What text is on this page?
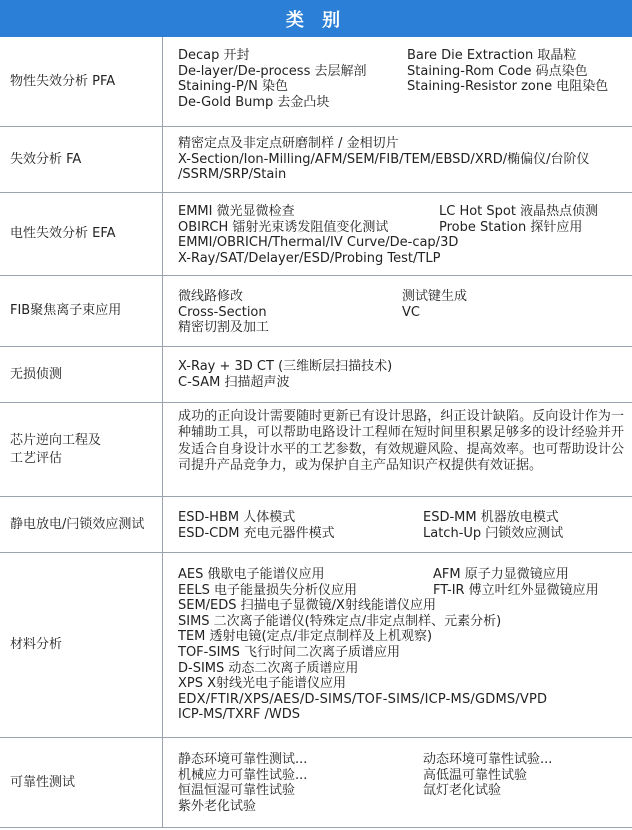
类 别
物性失效分析 PFA
Decap 开封
De-layer/De-process 去层解剖
Staining-P/N 染色
De-Gold Bump 去金凸块
Bare Die Extraction 取晶粒
Staining-Rom Code 码点染色
Staining-Resistor zone 电阻染色
失效分析 FA
精密定点及非定点研磨制样 / 金相切片
X-Section/Ion-Milling/AFM/SEM/FIB/TEM/EBSD/XRD/椭偏仪/台阶仪
/SSRM/SRP/Stain
电性失效分析 EFA
EMMI 微光显微检查
OBIRCH 镭射光束诱发阻值变化测试
EMMI/OBRICH/Thermal/IV Curve/De-cap/3D
X-Ray/SAT/Delayer/ESD/Probing Test/TLP
LC Hot Spot 液晶热点侦测
Probe Station 探针应用
FIB聚焦离子束应用
微线路修改
Cross-Section
精密切割及加工
测试键生成
VC
无损侦测	X-Ray + 3D CT (三维断层扫描技术)
C-SAM 扫描超声波
芯片逆向工程及
工艺评估
成功的正向设计需要随时更新已有设计思路，纠正设计缺陷。反向设计作为一种辅助工具，可以帮助电路设计工程师在短时间里积累足够多的设计经验并开发适合自身设计水平的工艺参数，有效规避风险、提高效率。也可帮助设计公司提升产品竞争力，或为保护自主产品知识产权提供有效证据。
静电放电/闩锁效应测试	ESD-HBM 人体模式
ESD-CDM 充电元器件模式
ESD-MM 机器放电模式
Latch-Up 闩锁效应测试
材料分析
AES 俄歇电子能谱仪应用
EELS 电子能量损失分析仪应用
SEM/EDS 扫描电子显微镜/X射线能谱仪应用
SIMS 二次离子能谱仪(特殊定点/非定点制样、元素分析)
TEM 透射电镜(定点/非定点制样及上机观察)
TOF-SIMS 飞行时间二次离子质谱应用
D-SIMS 动态二次离子质谱应用
XPS X射线光电子能谱仪应用
EDX/FTIR/XPS/AES/D-SIMS/TOF-SIMS/ICP-MS/GDMS/VPD
ICP-MS/TXRF /WDS
AFM 原子力显微镜应用
FT-IR 傅立叶红外显微镜应用
可靠性测试
静态环境可靠性测试...
机械应力可靠性试验...
恒温恒湿可靠性试验
紫外老化试验
动态环境可靠性试验...
高低温可靠性试验
氙灯老化试验
